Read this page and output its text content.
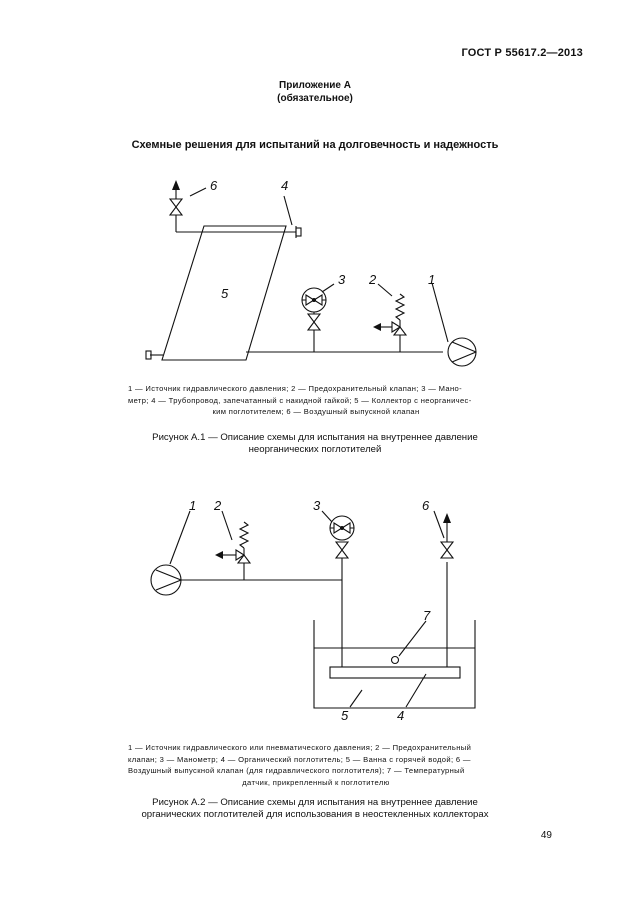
ГОСТ Р 55617.2—2013
Приложение А
(обязательное)
Схемные решения для испытаний на долговечность и надежность
6	4
5
3 2	1
1 2	3	6
7
5	4
1 — Источник гидравлического давления; 2 — Предохранительный клапан; 3 — Мано-
метр; 4 — Трубопровод, запечатанный с накидной гайкой; 5 — Коллектор с неорганичес-
ким поглотителем; 6 — Воздушный выпускной клапан
Рисунок А.1 — Описание схемы для испытания на внутреннее давление
неорганических поглотителей
1 — Источник гидравлического или пневматического давления; 2 — Предохранительный
клапан; 3 — Манометр; 4 — Органический поглотитель; 5 — Ванна с горячей водой; 6 —
Воздушный выпускной клапан (для гидравлического поглотителя); 7 — Температурный
датчик, прикрепленный к поглотителю
Рисунок А.2 — Описание схемы для испытания на внутреннее давление
органических поглотителей для использования в неостекленных коллекторах
49
